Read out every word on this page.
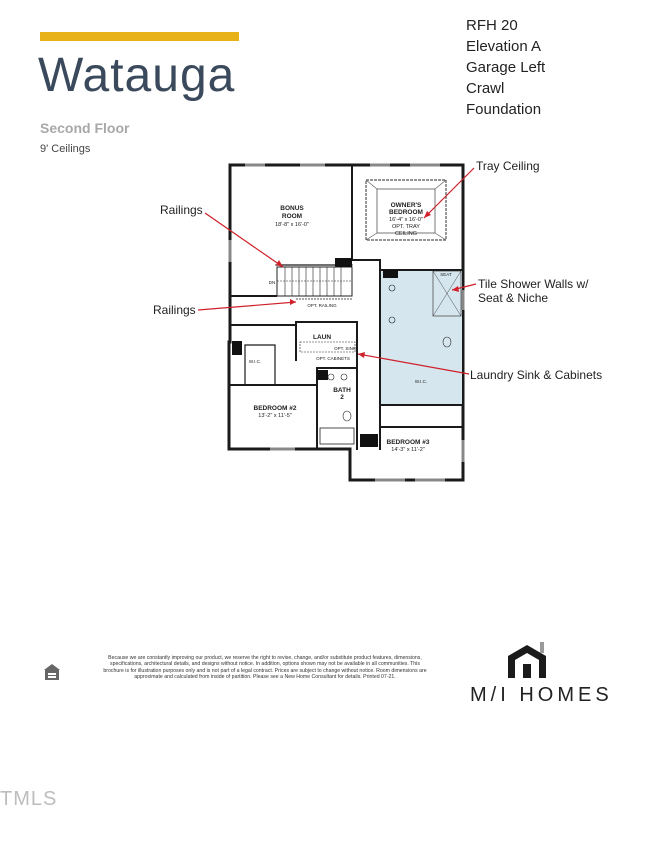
Watauga
Second Floor
9' Ceilings
RFH 20
Elevation A
Garage Left
Crawl
Foundation
BONUS
ROOM
18'-8" x 16'-0"
OWNER'S
BEDROOM
16'-4" x 16'-0"
OPT. TRAY
CEILING
BEDROOM #2
13'-2" x 11'-5"
BEDROOM #3
14'-3" x 11'-2"
LAUN
OPT. SINK
OPT. CABINETS
BATH
2
W.I.C.
W.I.C.
SEAT
OPT. RAILING
DN
Tray Ceiling
Railings
Railings
Tile Shower Walls w/
Seat & Niche
Laundry Sink & Cabinets
Because we are constantly improving our product, we reserve the right to revise, change, and/or substitute product features, dimensions, specifications, architectural details, and designs without notice. In addition, options shown may not be available in all communities. This brochure is for illustration purposes only and is not part of a legal contract. Prices are subject to change without notice. Room dimensions are approximate and calculated from inside of partition. Please see a New Home Consultant for details. Printed 07-21.
M/I HOMES
TMLS
